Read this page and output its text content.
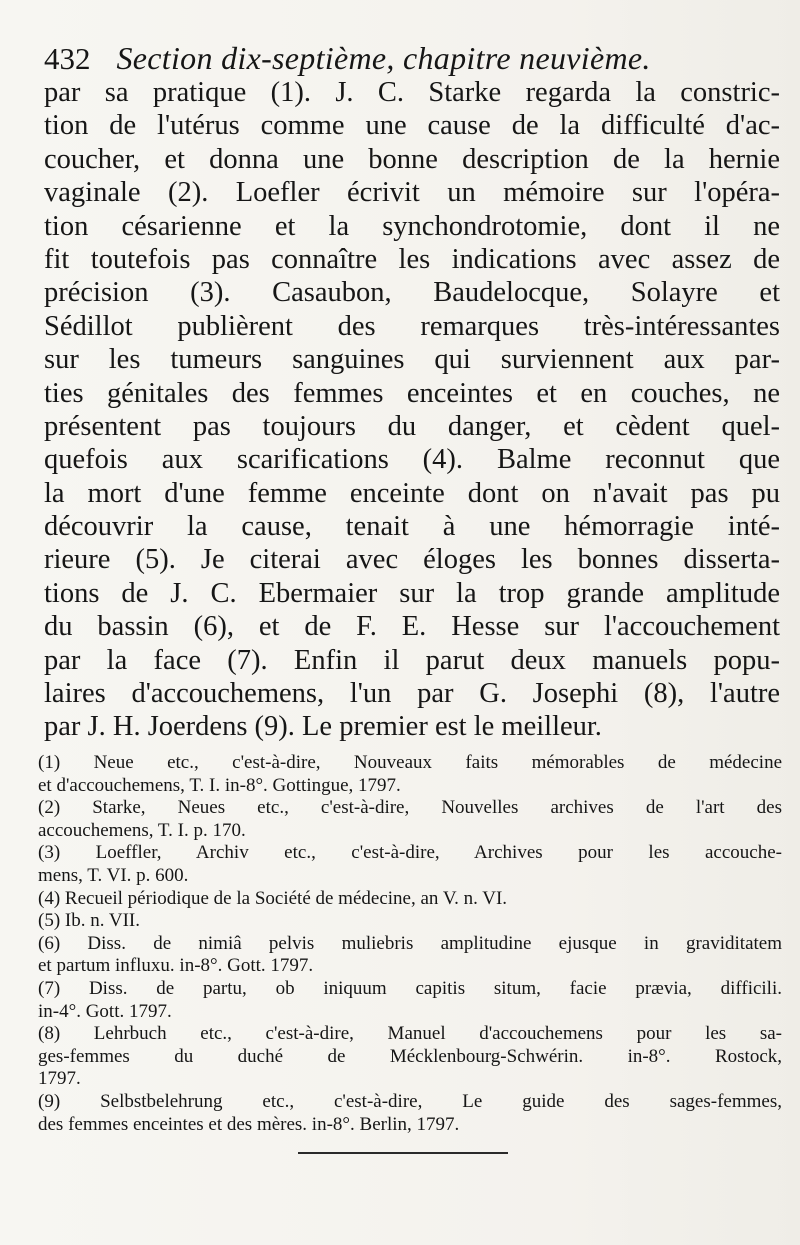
432 Section dix-septième, chapitre neuvième.
par sa pratique (1). J. C. Starke regarda la constric-
tion de l'utérus comme une cause de la difficulté d'ac-
coucher, et donna une bonne description de la hernie
vaginale (2). Loefler écrivit un mémoire sur l'opéra-
tion césarienne et la synchondrotomie, dont il ne
fit toutefois pas connaître les indications avec assez de
précision (3). Casaubon, Baudelocque, Solayre et
Sédillot publièrent des remarques très-intéressantes
sur les tumeurs sanguines qui surviennent aux par-
ties génitales des femmes enceintes et en couches, ne
présentent pas toujours du danger, et cèdent quel-
quefois aux scarifications (4). Balme reconnut que
la mort d'une femme enceinte dont on n'avait pas pu
découvrir la cause, tenait à une hémorragie inté-
rieure (5). Je citerai avec éloges les bonnes disserta-
tions de J. C. Ebermaier sur la trop grande amplitude
du bassin (6), et de F. E. Hesse sur l'accouchement
par la face (7). Enfin il parut deux manuels popu-
laires d'accouchemens, l'un par G. Josephi (8), l'autre
par J. H. Joerdens (9). Le premier est le meilleur.
(1) Neue etc., c'est-à-dire, Nouveaux faits mémorables de médecine
et d'accouchemens, T. I. in-8°. Gottingue, 1797.
(2) Starke, Neues etc., c'est-à-dire, Nouvelles archives de l'art des
accouchemens, T. I. p. 170.
(3) Loeffler, Archiv etc., c'est-à-dire, Archives pour les accouche-
mens, T. VI. p. 600.
(4) Recueil périodique de la Société de médecine, an V. n. VI.
(5) Ib. n. VII.
(6) Diss. de nimiâ pelvis muliebris amplitudine ejusque in graviditatem
et partum influxu. in-8°. Gott. 1797.
(7) Diss. de partu, ob iniquum capitis situm, facie prævia, difficili.
in-4°. Gott. 1797.
(8) Lehrbuch etc., c'est-à-dire, Manuel d'accouchemens pour les sa-
ges-femmes du duché de Mécklenbourg-Schwérin. in-8°. Rostock,
1797.
(9) Selbstbelehrung etc., c'est-à-dire, Le guide des sages-femmes,
des femmes enceintes et des mères. in-8°. Berlin, 1797.
